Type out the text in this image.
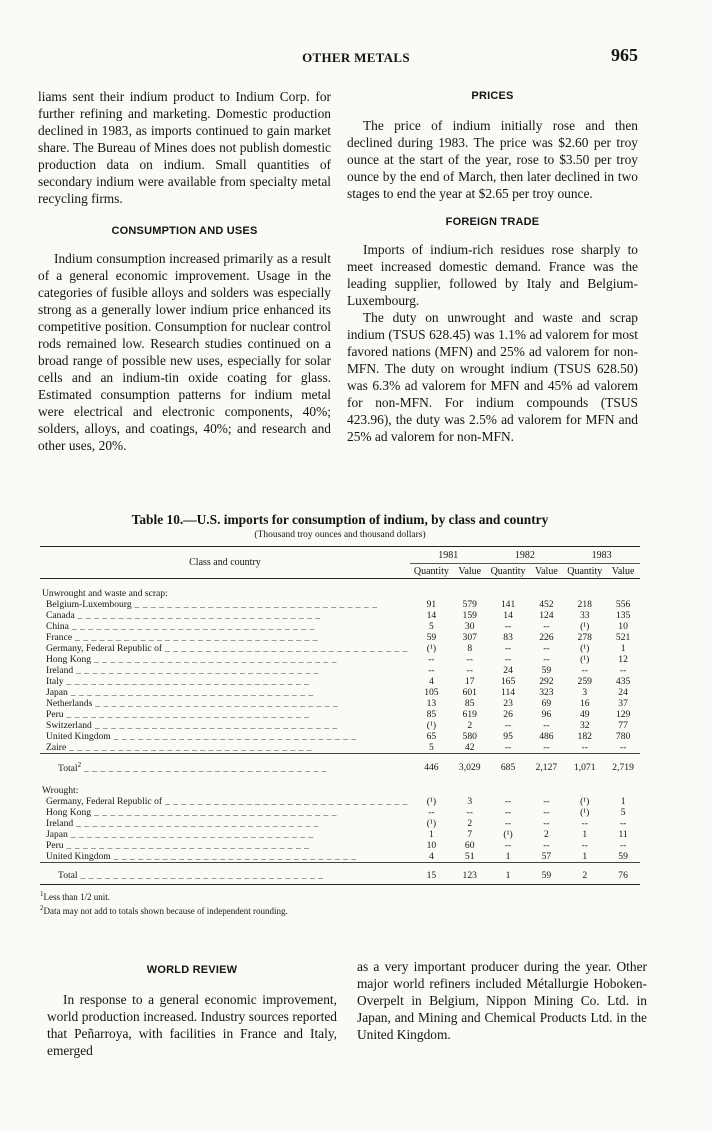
OTHER METALS	965

liams sent their indium product to Indium Corp. for further refining and marketing. Domestic production declined in 1983, as imports continued to gain market share. The Bureau of Mines does not publish domestic production data on indium. Small quantities of secondary indium were available from specialty metal recycling firms.

CONSUMPTION AND USES

Indium consumption increased primarily as a result of a general economic improvement. Usage in the categories of fusible alloys and solders was especially strong as a generally lower indium price enhanced its competitive position. Consumption for nuclear control rods remained low. Research studies continued on a broad range of possible new uses, especially for solar cells and an indium-tin oxide coating for glass. Estimated consumption patterns for indium metal were electrical and electronic components, 40%; solders, alloys, and coatings, 40%; and research and other uses, 20%.

PRICES

The price of indium initially rose and then declined during 1983. The price was $2.60 per troy ounce at the start of the year, rose to $3.50 per troy ounce by the end of March, then later declined in two stages to end the year at $2.65 per troy ounce.

FOREIGN TRADE

Imports of indium-rich residues rose sharply to meet increased domestic demand. France was the leading supplier, followed by Italy and Belgium-Luxembourg.

The duty on unwrought and waste and scrap indium (TSUS 628.45) was 1.1% ad valorem for most favored nations (MFN) and 25% ad valorem for non-MFN. The duty on wrought indium (TSUS 628.50) was 6.3% ad valorem for MFN and 45% ad valorem for non-MFN. For indium compounds (TSUS 423.96), the duty was 2.5% ad valorem for MFN and 25% ad valorem for non-MFN.

Table 10.—U.S. imports for consumption of indium, by class and country
(Thousand troy ounces and thousand dollars)
Class and country	1981		1982		1983	
	Quantity	Value	Quantity	Value	Quantity	Value
Unwrought and waste and scrap:						
Belgium-Luxembourg _ _ _ _ _ _ _ _ _ _ _ _ _ _ _ _ _ _ _ _ _ _ _ _ _ _ _ _ _ _	91	579	141	452	218	556
Canada _ _ _ _ _ _ _ _ _ _ _ _ _ _ _ _ _ _ _ _ _ _ _ _ _ _ _ _ _ _	14	159	14	124	33	135
China _ _ _ _ _ _ _ _ _ _ _ _ _ _ _ _ _ _ _ _ _ _ _ _ _ _ _ _ _ _	5	30	--	--	(¹)	10
France _ _ _ _ _ _ _ _ _ _ _ _ _ _ _ _ _ _ _ _ _ _ _ _ _ _ _ _ _ _	59	307	83	226	278	521
Germany, Federal Republic of _ _ _ _ _ _ _ _ _ _ _ _ _ _ _ _ _ _ _ _ _ _ _ _ _ _ _ _ _ _	(¹)	8	--	--	(¹)	1
Hong Kong _ _ _ _ _ _ _ _ _ _ _ _ _ _ _ _ _ _ _ _ _ _ _ _ _ _ _ _ _ _	--	--	--	--	(¹)	12
Ireland _ _ _ _ _ _ _ _ _ _ _ _ _ _ _ _ _ _ _ _ _ _ _ _ _ _ _ _ _ _	--	--	24	59	--	--
Italy _ _ _ _ _ _ _ _ _ _ _ _ _ _ _ _ _ _ _ _ _ _ _ _ _ _ _ _ _ _	4	17	165	292	259	435
Japan _ _ _ _ _ _ _ _ _ _ _ _ _ _ _ _ _ _ _ _ _ _ _ _ _ _ _ _ _ _	105	601	114	323	3	24
Netherlands _ _ _ _ _ _ _ _ _ _ _ _ _ _ _ _ _ _ _ _ _ _ _ _ _ _ _ _ _ _	13	85	23	69	16	37
Peru _ _ _ _ _ _ _ _ _ _ _ _ _ _ _ _ _ _ _ _ _ _ _ _ _ _ _ _ _ _	85	619	26	96	49	129
Switzerland _ _ _ _ _ _ _ _ _ _ _ _ _ _ _ _ _ _ _ _ _ _ _ _ _ _ _ _ _ _	(¹)	2	--	--	32	77
United Kingdom _ _ _ _ _ _ _ _ _ _ _ _ _ _ _ _ _ _ _ _ _ _ _ _ _ _ _ _ _ _	65	580	95	486	182	780
Zaire _ _ _ _ _ _ _ _ _ _ _ _ _ _ _ _ _ _ _ _ _ _ _ _ _ _ _ _ _ _	5	42	--	--	--	--
Total$^2$ _ _ _ _ _ _ _ _ _ _ _ _ _ _ _ _ _ _ _ _ _ _ _ _ _ _ _ _ _ _	446	3,029	685	2,127	1,071	2,719
Wrought:						
Germany, Federal Republic of _ _ _ _ _ _ _ _ _ _ _ _ _ _ _ _ _ _ _ _ _ _ _ _ _ _ _ _ _ _	(¹)	3	--	--	(¹)	1
Hong Kong _ _ _ _ _ _ _ _ _ _ _ _ _ _ _ _ _ _ _ _ _ _ _ _ _ _ _ _ _ _	--	--	--	--	(¹)	5
Ireland _ _ _ _ _ _ _ _ _ _ _ _ _ _ _ _ _ _ _ _ _ _ _ _ _ _ _ _ _ _	(¹)	2	--	--	--	--
Japan _ _ _ _ _ _ _ _ _ _ _ _ _ _ _ _ _ _ _ _ _ _ _ _ _ _ _ _ _ _	1	7	(¹)	2	1	11
Peru _ _ _ _ _ _ _ _ _ _ _ _ _ _ _ _ _ _ _ _ _ _ _ _ _ _ _ _ _ _	10	60	--	--	--	--
United Kingdom _ _ _ _ _ _ _ _ _ _ _ _ _ _ _ _ _ _ _ _ _ _ _ _ _ _ _ _ _ _	4	51	1	57	1	59
Total _ _ _ _ _ _ _ _ _ _ _ _ _ _ _ _ _ _ _ _ _ _ _ _ _ _ _ _ _ _	15	123	1	59	2	76
$^1$Less than 1/2 unit.
$^2$Data may not add to totals shown because of independent rounding.
WORLD REVIEW

In response to a general economic improvement, world production increased. Industry sources reported that Peñarroya, with facilities in France and Italy, emerged

as a very important producer during the year. Other major world refiners included Métallurgie Hoboken-Overpelt in Belgium, Nippon Mining Co. Ltd. in Japan, and Mining and Chemical Products Ltd. in the United Kingdom.
